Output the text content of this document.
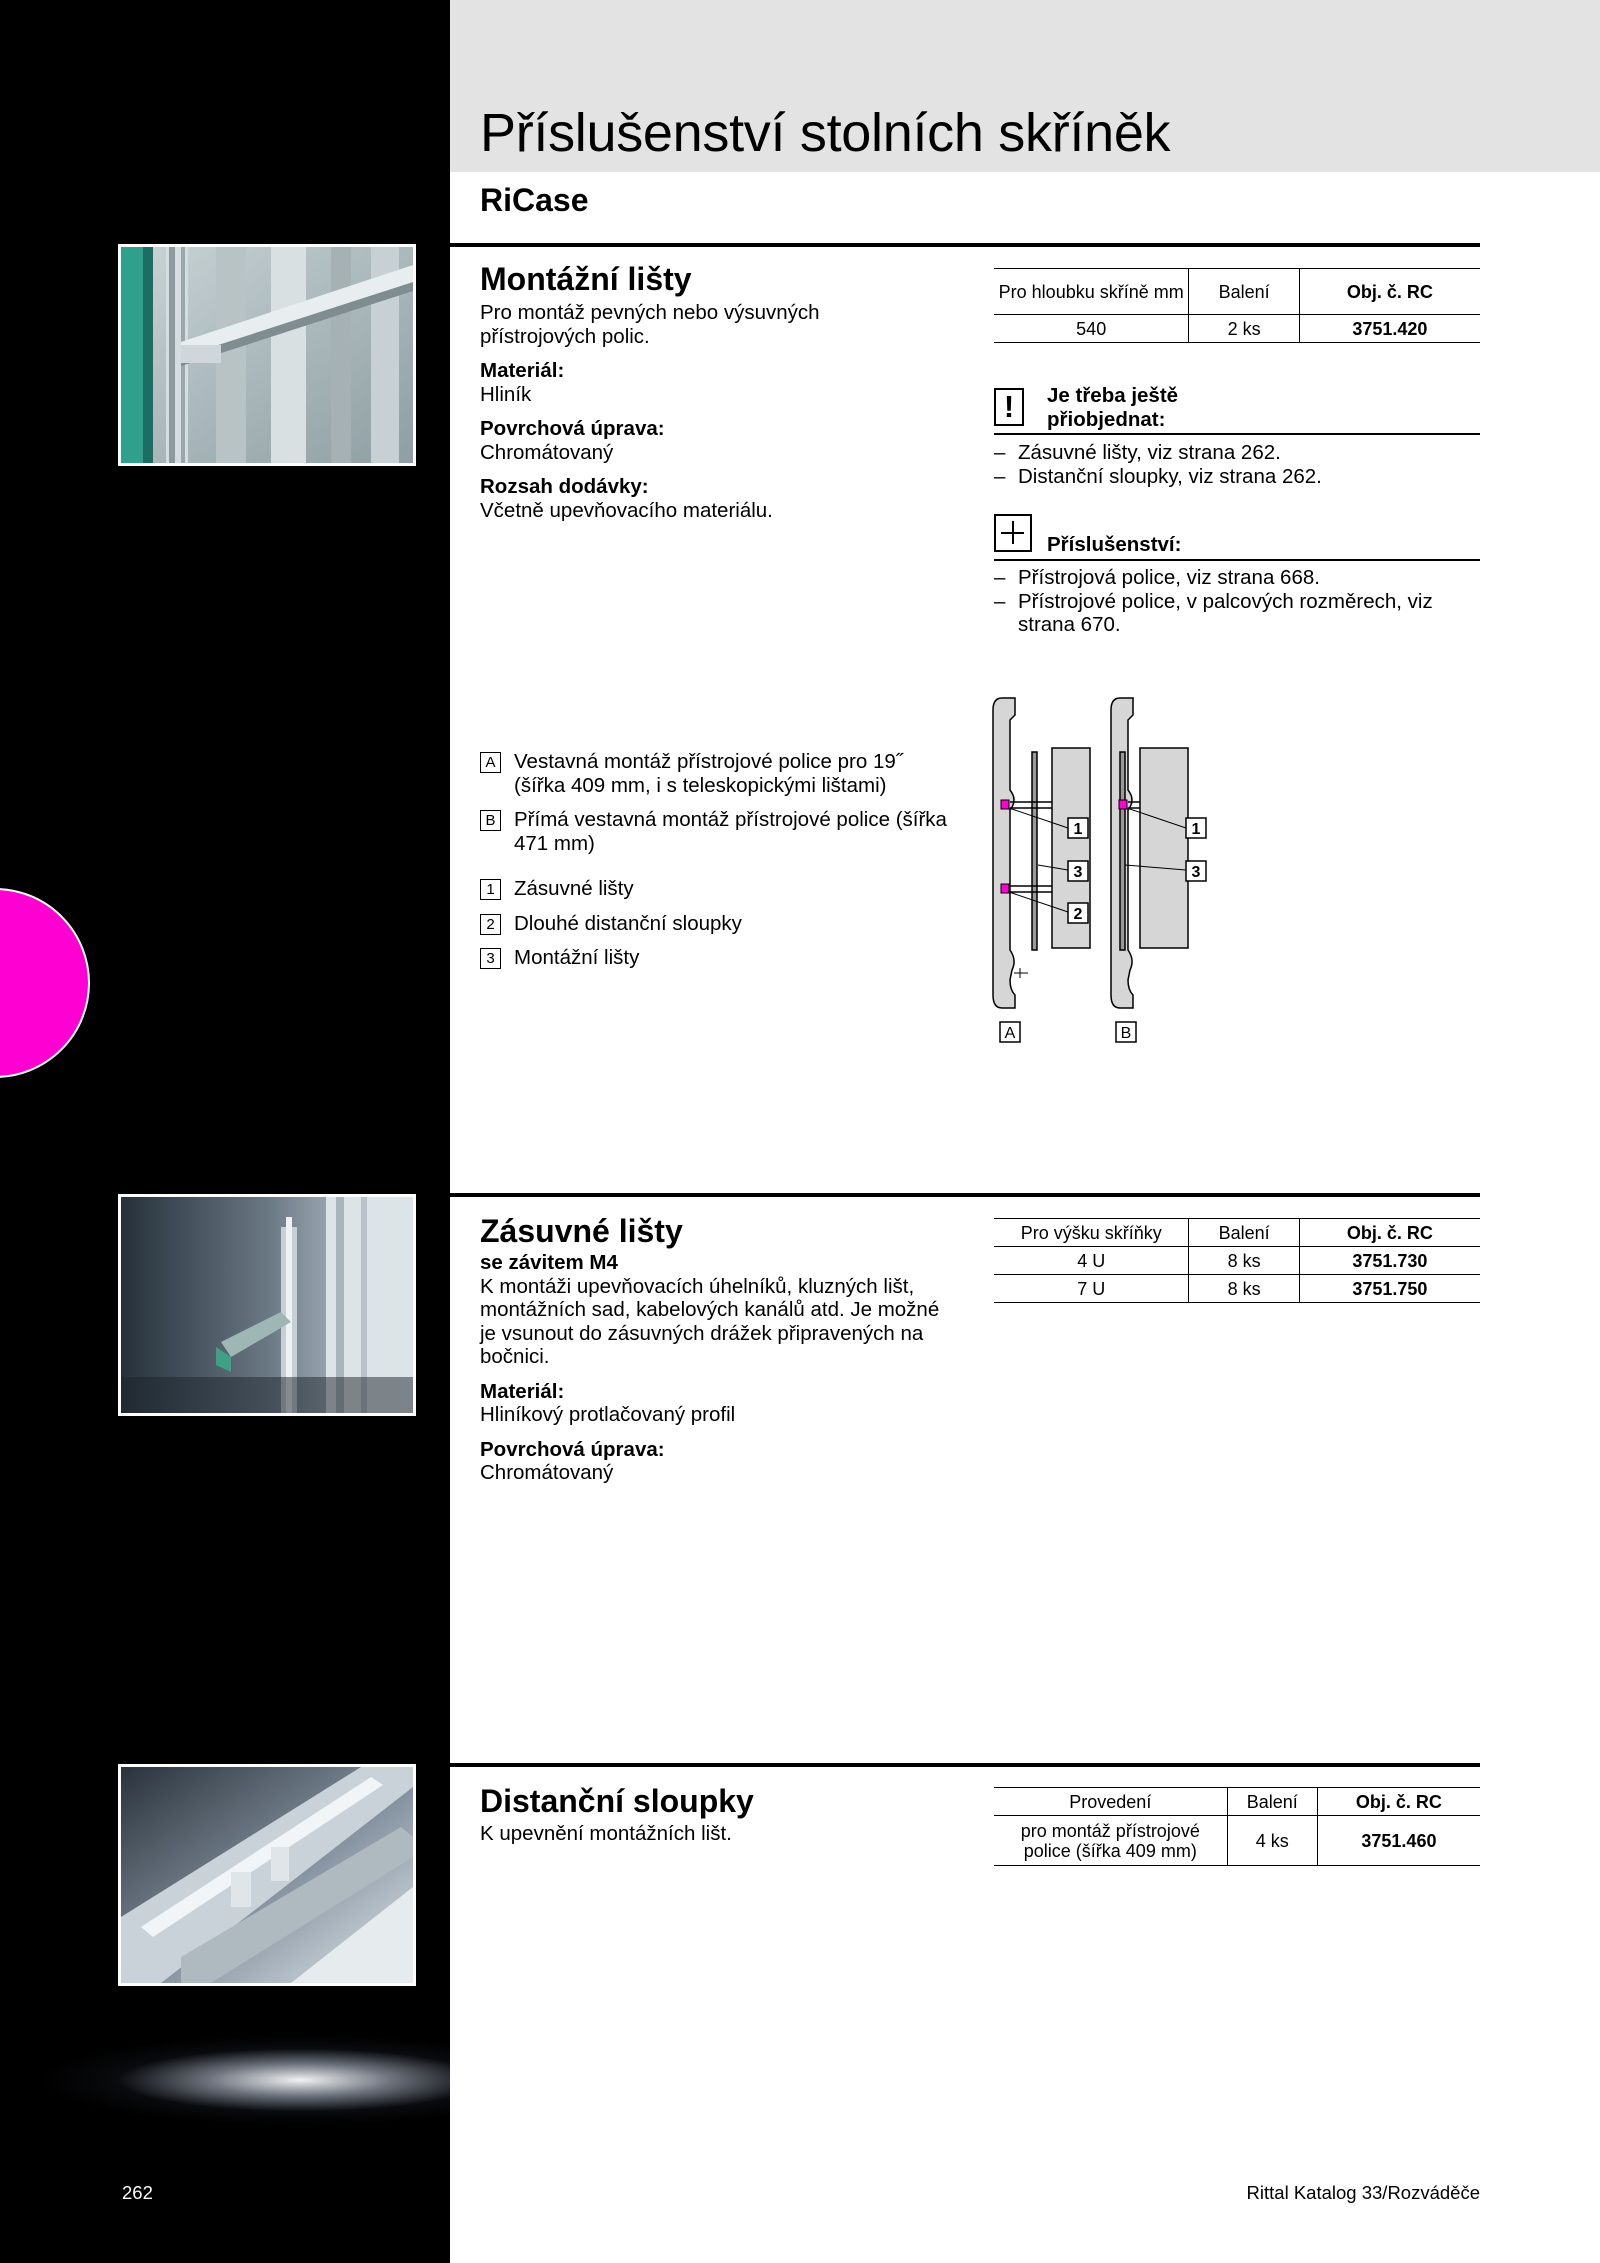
Příslušenství stolních skříněk
RiCase
Montážní lišty
Pro montáž pevných nebo výsuvných přístrojových polic.
Materiál:
Hliník
Povrchová úprava:
Chromátovaný
Rozsah dodávky:
Včetně upevňovacího materiálu.
Pro hloubku skříně mm	Balení	Obj. č. RC
540	2 ks	3751.420
!	Je třeba ještě přiobjednat:
– Zásuvné lišty, viz strana 262.
– Distanční sloupky, viz strana 262.
Příslušenství:
– Přístrojová police, viz strana 668.
– Přístrojové police, v palcových rozměrech, viz strana 670.
A Vestavná montáž přístrojové police pro 19˝ (šířka 409 mm, i s teleskopickými lištami)
B Přímá vestavná montáž přístrojové police (šířka 471 mm)
1 Zásuvné lišty
2 Dlouhé distanční sloupky
3 Montážní lišty
1
3
2
1
3
A	B
Zásuvné lišty
se závitem M4
K montáži upevňovacích úhelníků, kluzných lišt, montážních sad, kabelových kanálů atd. Je možné je vsunout do zásuvných drážek připravených na bočnici.
Materiál:
Hliníkový protlačovaný profil
Povrchová úprava:
Chromátovaný
Pro výšku skříňky	Balení	Obj. č. RC
4 U	8 ks	3751.730
7 U	8 ks	3751.750
Distanční sloupky
K upevnění montážních lišt.
Provedení	Balení	Obj. č. RC
pro montáž přístrojové police (šířka 409 mm)	4 ks	3751.460
262	Rittal Katalog 33/Rozváděče
